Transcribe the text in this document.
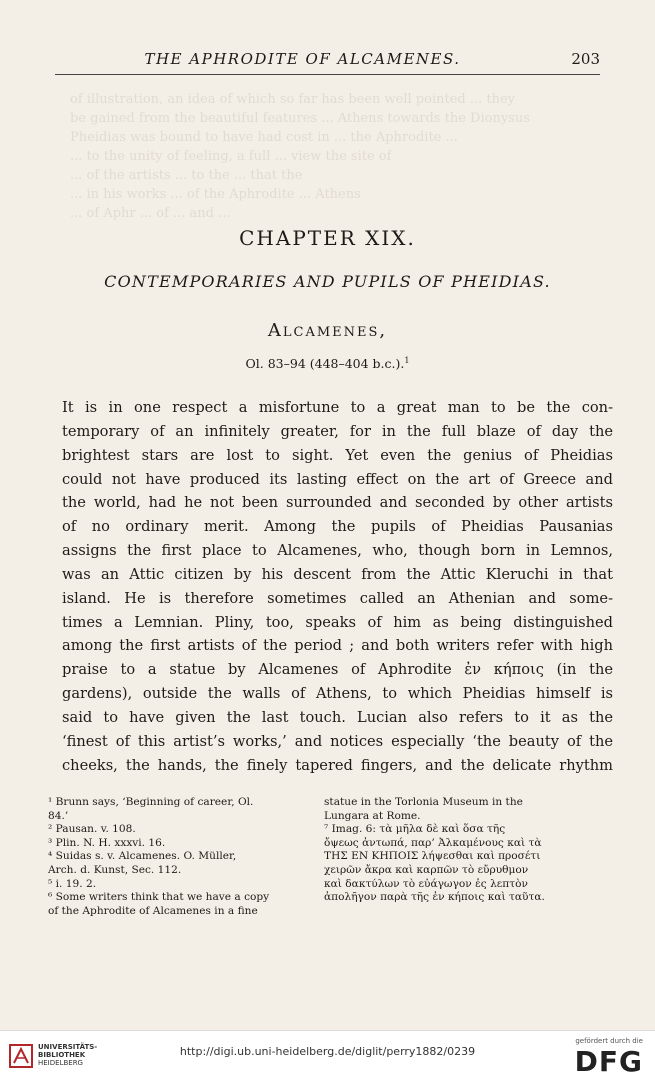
of illustration, an idea of which so far has been well pointed ... they
be gained from the beautiful features ... Athens towards the Dionysus
Pheidias was bound to have had cost in ... the Aphrodite ...
... to the unity of feeling, a full ... view the site of
... of the artists ... to the ... that the
... in his works ... of the Aphrodite ... Athens
... of Aphr ... of ... and ...
THE APHRODITE OF ALCAMENES.	203
CHAPTER XIX.
CONTEMPORARIES AND PUPILS OF PHEIDIAS.
Alcamenes,
Ol. 83–94 (448–404 b.c.).$^1$
It is in one respect a misfortune to a great man to be the con-
temporary of an infinitely greater, for in the full blaze of day the
brightest stars are lost to sight. Yet even the genius of Pheidias
could not have produced its lasting effect on the art of Greece and
the world, had he not been surrounded and seconded by other artists
of no ordinary merit. Among the pupils of Pheidias Pausanias
assigns the first place to Alcamenes, who, though born in Lemnos,
was an Attic citizen by his descent from the Attic Kleruchi in that
island. He is therefore sometimes called an Athenian and some-
times a Lemnian. Pliny, too, speaks of him as being distinguished
among the first artists of the period ; and both writers refer with high
praise to a statue by Alcamenes of Aphrodite ἐν κήποις (in the
gardens), outside the walls of Athens, to which Pheidias himself is
said to have given the last touch. Lucian also refers to it as the
‘finest of this artist’s works,’ and notices especially ‘the beauty of the
cheeks, the hands, the finely tapered fingers, and the delicate rhythm
¹ Brunn says, ‘Beginning of career, Ol.
84.’
² Pausan. v. 108.
³ Plin. N. H. xxxvi. 16.
⁴ Suidas s. v. Alcamenes. O. Müller,
Arch. d. Kunst, Sec. 112.
⁵ i. 19. 2.
⁶ Some writers think that we have a copy
of the Aphrodite of Alcamenes in a fine
statue in the Torlonia Museum in the
Lungara at Rome.
⁷ Imag. 6: τὰ μῆλα δὲ καὶ ὅσα τῆς
ὄψεως ἀντωπά, παρ’ Ἀλκαμένους καὶ τὰ
ΤΗΣ ΕΝ ΚΗΠΟΙΣ λήψεσθαι καὶ προσέτι
χειρῶν ἄκρα καὶ καρπῶν τὸ εὔρυθμον
καὶ δακτύλων τὸ εὐάγωγον ἐς λεπτὸν
ἀπολῆγον παρὰ τῆς ἐν κήποις καὶ ταῦτα.
UNIVERSITÄTS-
BIBLIOTHEK
HEIDELBERG
http://digi.ub.uni-heidelberg.de/diglit/perry1882/0239
gefördert durch die
DFG
